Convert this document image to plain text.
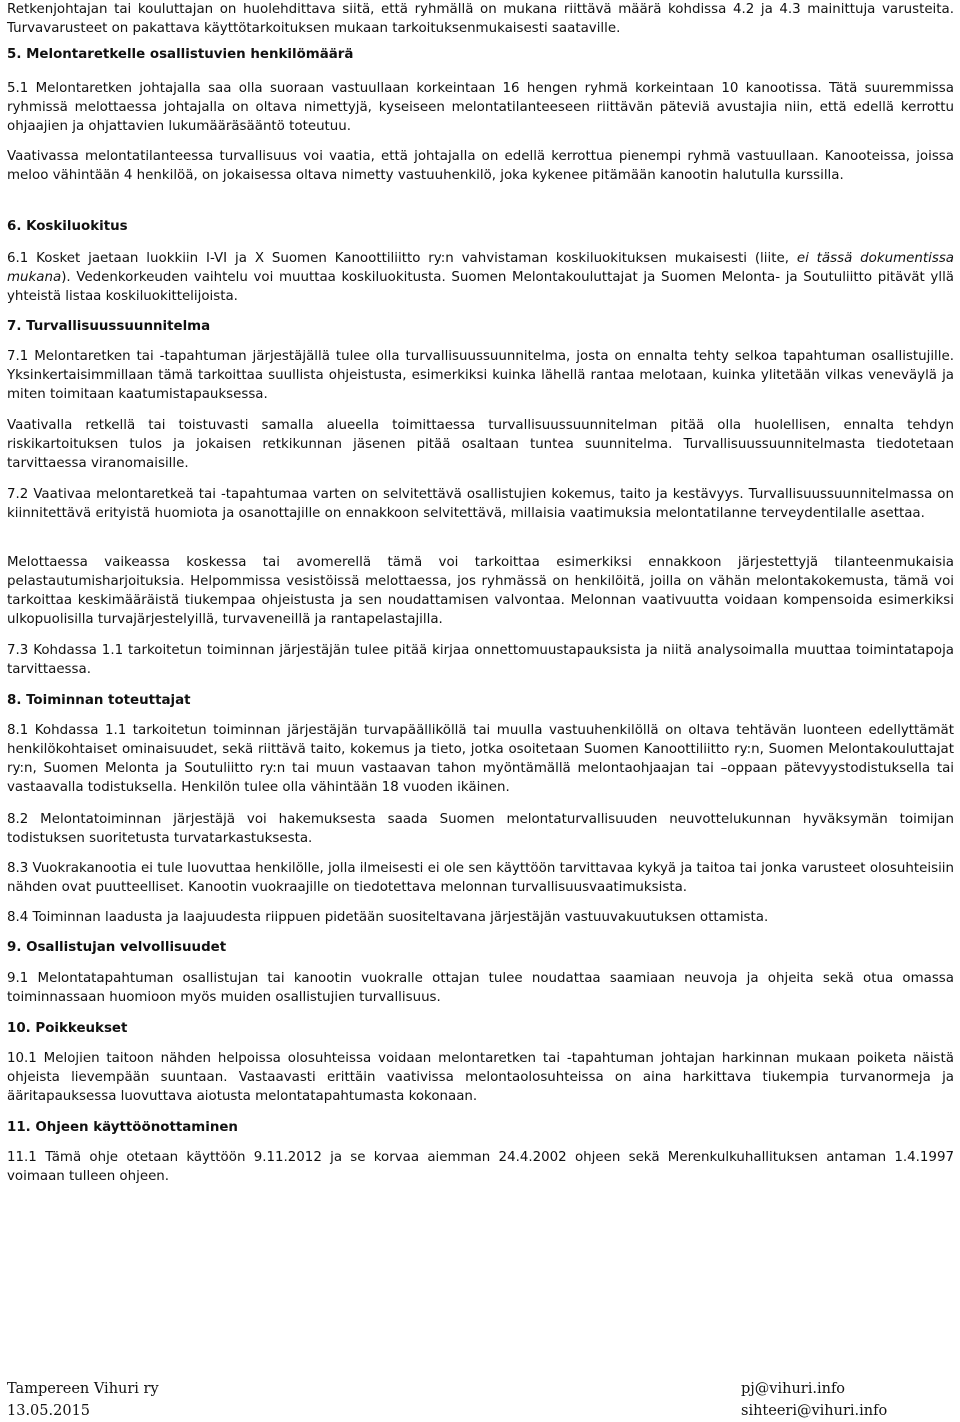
Retkenjohtajan tai kouluttajan on huolehdittava siitä, että ryhmällä on mukana riittävä määrä kohdissa 4.2 ja 4.3 mainittuja varusteita. Turvavarusteet on pakattava käyttötarkoituksen mukaan tarkoituksenmukaisesti saataville.
5. Melontaretkelle osallistuvien henkilömäärä
5.1 Melontaretken johtajalla saa olla suoraan vastuullaan korkeintaan 16 hengen ryhmä korkeintaan 10 kanootissa. Tätä suuremmissa ryhmissä melottaessa johtajalla on oltava nimettyjä, kyseiseen melontatilanteeseen riittävän päteviä avustajia niin, että edellä kerrottu ohjaajien ja ohjattavien lukumääräsääntö toteutuu.
Vaativassa melontatilanteessa turvallisuus voi vaatia, että johtajalla on edellä kerrottua pienempi ryhmä vastuullaan. Kanooteissa, joissa meloo vähintään 4 henkilöä, on jokaisessa oltava nimetty vastuuhenkilö, joka kykenee pitämään kanootin halutulla kurssilla.
6. Koskiluokitus
6.1 Kosket jaetaan luokkiin I-VI ja X Suomen Kanoottiliitto ry:n vahvistaman koskiluokituksen mukaisesti (liite, ei tässä dokumentissa mukana). Vedenkorkeuden vaihtelu voi muuttaa koskiluokitusta. Suomen Melontakouluttajat ja Suomen Melonta- ja Soutuliitto pitävät yllä yhteistä listaa koskiluokittelijoista.
7. Turvallisuussuunnitelma
7.1 Melontaretken tai -tapahtuman järjestäjällä tulee olla turvallisuussuunnitelma, josta on ennalta tehty selkoa tapahtuman osallistujille. Yksinkertaisimmillaan tämä tarkoittaa suullista ohjeistusta, esimerkiksi kuinka lähellä rantaa melotaan, kuinka ylitetään vilkas veneväylä ja miten toimitaan kaatumistapauksessa.
Vaativalla retkellä tai toistuvasti samalla alueella toimittaessa turvallisuussuunnitelman pitää olla huolellisen, ennalta tehdyn riskikartoituksen tulos ja jokaisen retkikunnan jäsenen pitää osaltaan tuntea suunnitelma. Turvallisuussuunnitelmasta tiedotetaan tarvittaessa viranomaisille.
7.2 Vaativaa melontaretkeä tai -tapahtumaa varten on selvitettävä osallistujien kokemus, taito ja kestävyys. Turvallisuussuunnitelmassa on kiinnitettävä erityistä huomiota ja osanottajille on ennakkoon selvitettävä, millaisia vaatimuksia melontatilanne terveydentilalle asettaa.
Melottaessa vaikeassa koskessa tai avomerellä tämä voi tarkoittaa esimerkiksi ennakkoon järjestettyjä tilanteenmukaisia pelastautumisharjoituksia. Helpommissa vesistöissä melottaessa, jos ryhmässä on henkilöitä, joilla on vähän melontakokemusta, tämä voi tarkoittaa keskimääräistä tiukempaa ohjeistusta ja sen noudattamisen valvontaa. Melonnan vaativuutta voidaan kompensoida esimerkiksi ulkopuolisilla turvajärjestelyillä, turvaveneillä ja rantapelastajilla.
7.3 Kohdassa 1.1 tarkoitetun toiminnan järjestäjän tulee pitää kirjaa onnettomuustapauksista ja niitä analysoimalla muuttaa toimintatapoja tarvittaessa.
8. Toiminnan toteuttajat
8.1 Kohdassa 1.1 tarkoitetun toiminnan järjestäjän turvapäälliköllä tai muulla vastuuhenkilöllä on oltava tehtävän luonteen edellyttämät henkilökohtaiset ominaisuudet, sekä riittävä taito, kokemus ja tieto, jotka osoitetaan Suomen Kanoottiliitto ry:n, Suomen Melontakouluttajat ry:n, Suomen Melonta ja Soutuliitto ry:n tai muun vastaavan tahon myöntämällä melontaohjaajan tai –oppaan pätevyystodistuksella tai vastaavalla todistuksella. Henkilön tulee olla vähintään 18 vuoden ikäinen.
8.2 Melontatoiminnan järjestäjä voi hakemuksesta saada Suomen melontaturvallisuuden neuvottelukunnan hyväksymän toimijan todistuksen suoritetusta turvatarkastuksesta.
8.3 Vuokrakanootia ei tule luovuttaa henkilölle, jolla ilmeisesti ei ole sen käyttöön tarvittavaa kykyä ja taitoa tai jonka varusteet olosuhteisiin nähden ovat puutteelliset. Kanootin vuokraajille on tiedotettava melonnan turvallisuusvaatimuksista.
8.4 Toiminnan laadusta ja laajuudesta riippuen pidetään suositeltavana järjestäjän vastuuvakuutuksen ottamista.
9. Osallistujan velvollisuudet
9.1 Melontatapahtuman osallistujan tai kanootin vuokralle ottajan tulee noudattaa saamiaan neuvoja ja ohjeita sekä otua omassa toiminnassaan huomioon myös muiden osallistujien turvallisuus.
10. Poikkeukset
10.1 Melojien taitoon nähden helpoissa olosuhteissa voidaan melontaretken tai -tapahtuman johtajan harkinnan mukaan poiketa näistä ohjeista lievempään suuntaan. Vastaavasti erittäin vaativissa melontaolosuhteissa on aina harkittava tiukempia turvanormeja ja ääritapauksessa luovuttava aiotusta melontatapahtumasta kokonaan.
11. Ohjeen käyttöönottaminen
11.1 Tämä ohje otetaan käyttöön 9.11.2012 ja se korvaa aiemman 24.4.2002 ohjeen sekä Merenkulkuhallituksen antaman 1.4.1997 voimaan tulleen ohjeen.
Tampereen Vihuri ry
13.05.2015
pj@vihuri.info
sihteeri@vihuri.info
